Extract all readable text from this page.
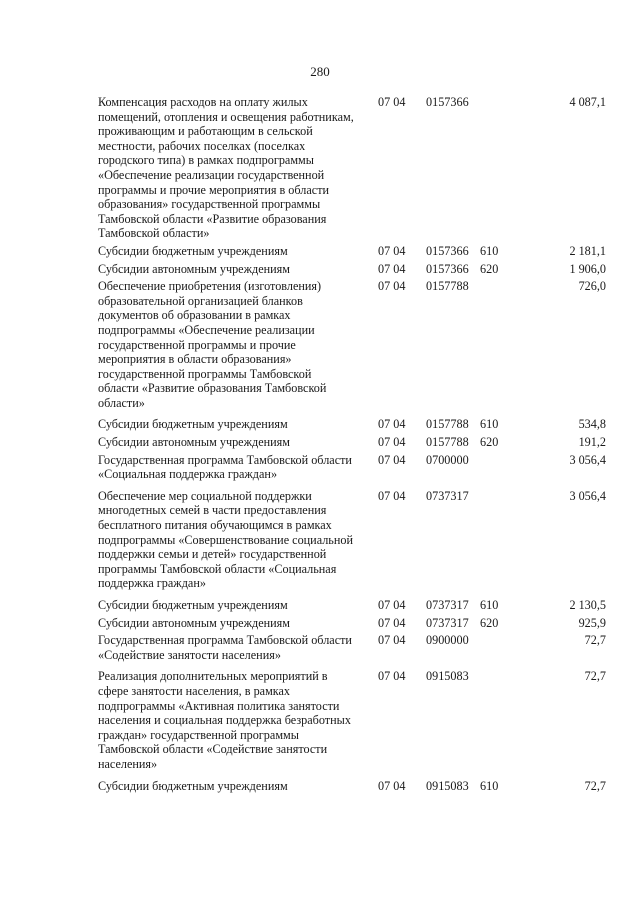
280
Компенсация расходов на оплату жилых помещений, отопления и освещения работникам, проживающим и работающим в сельской местности, рабочих поселках (поселках городского типа) в рамках подпрограммы «Обеспечение реализации государственной программы и прочие мероприятия в области образования» государственной программы Тамбовской области «Развитие образования Тамбовской области»
07 04	0157366	4 087,1
Субсидии бюджетным учреждениям	07 04	0157366 610	2 181,1
Субсидии автономным учреждениям	07 04	0157366 620	1 906,0
Обеспечение приобретения (изготовления) образовательной организацией бланков документов об образовании в рамках подпрограммы «Обеспечение реализации государственной программы и прочие мероприятия в области образования» государственной программы Тамбовской области «Развитие образования Тамбовской области»
07 04	0157788	726,0
Субсидии бюджетным учреждениям	07 04	0157788 610	534,8
Субсидии автономным учреждениям	07 04	0157788 620	191,2
Государственная программа Тамбовской области «Социальная поддержка граждан»
07 04	0700000	3 056,4
Обеспечение мер социальной поддержки многодетных семей в части предоставления бесплатного питания обучающимся в рамках подпрограммы «Совершенствование социальной поддержки семьи и детей» государственной программы Тамбовской области «Социальная поддержка граждан»
07 04	0737317	3 056,4
Субсидии бюджетным учреждениям	07 04	0737317 610	2 130,5
Субсидии автономным учреждениям	07 04	0737317 620	925,9
Государственная программа Тамбовской области «Содействие занятости населения»
07 04	0900000	72,7
Реализация дополнительных мероприятий в сфере занятости населения, в рамках подпрограммы «Активная политика занятости населения и социальная поддержка безработных граждан» государственной программы Тамбовской области «Содействие занятости населения»
07 04	0915083	72,7
Субсидии бюджетным учреждениям	07 04	0915083 610	72,7
